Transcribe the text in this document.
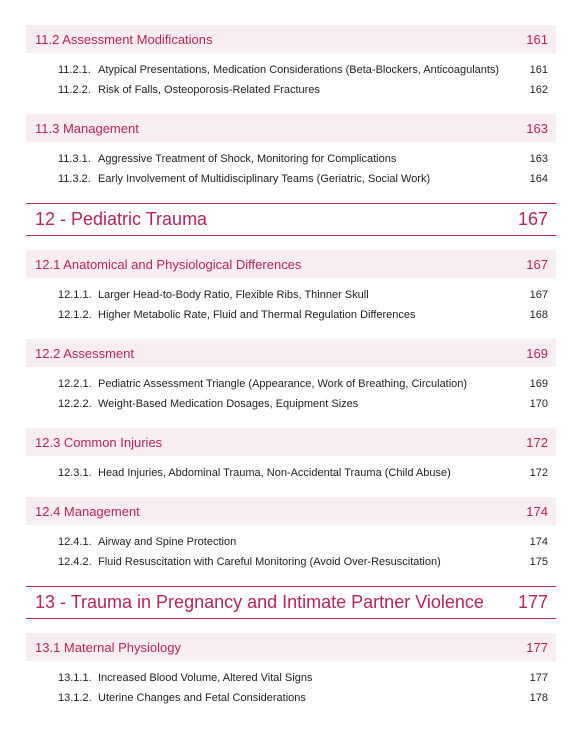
11.2 Assessment Modifications	161
11.2.1. Atypical Presentations, Medication Considerations (Beta-Blockers, Anticoagulants)	161
11.2.2. Risk of Falls, Osteoporosis-Related Fractures	162
11.3 Management	163
11.3.1. Aggressive Treatment of Shock, Monitoring for Complications	163
11.3.2. Early Involvement of Multidisciplinary Teams (Geriatric, Social Work)	164
12 - Pediatric Trauma	167
12.1 Anatomical and Physiological Differences	167
12.1.1. Larger Head-to-Body Ratio, Flexible Ribs, Thinner Skull	167
12.1.2. Higher Metabolic Rate, Fluid and Thermal Regulation Differences	168
12.2 Assessment	169
12.2.1. Pediatric Assessment Triangle (Appearance, Work of Breathing, Circulation)	169
12.2.2. Weight-Based Medication Dosages, Equipment Sizes	170
12.3 Common Injuries	172
12.3.1. Head Injuries, Abdominal Trauma, Non-Accidental Trauma (Child Abuse)	172
12.4 Management	174
12.4.1. Airway and Spine Protection	174
12.4.2. Fluid Resuscitation with Careful Monitoring (Avoid Over-Resuscitation)	175
13 - Trauma in Pregnancy and Intimate Partner Violence 177
13.1 Maternal Physiology	177
13.1.1. Increased Blood Volume, Altered Vital Signs	177
13.1.2. Uterine Changes and Fetal Considerations	178
